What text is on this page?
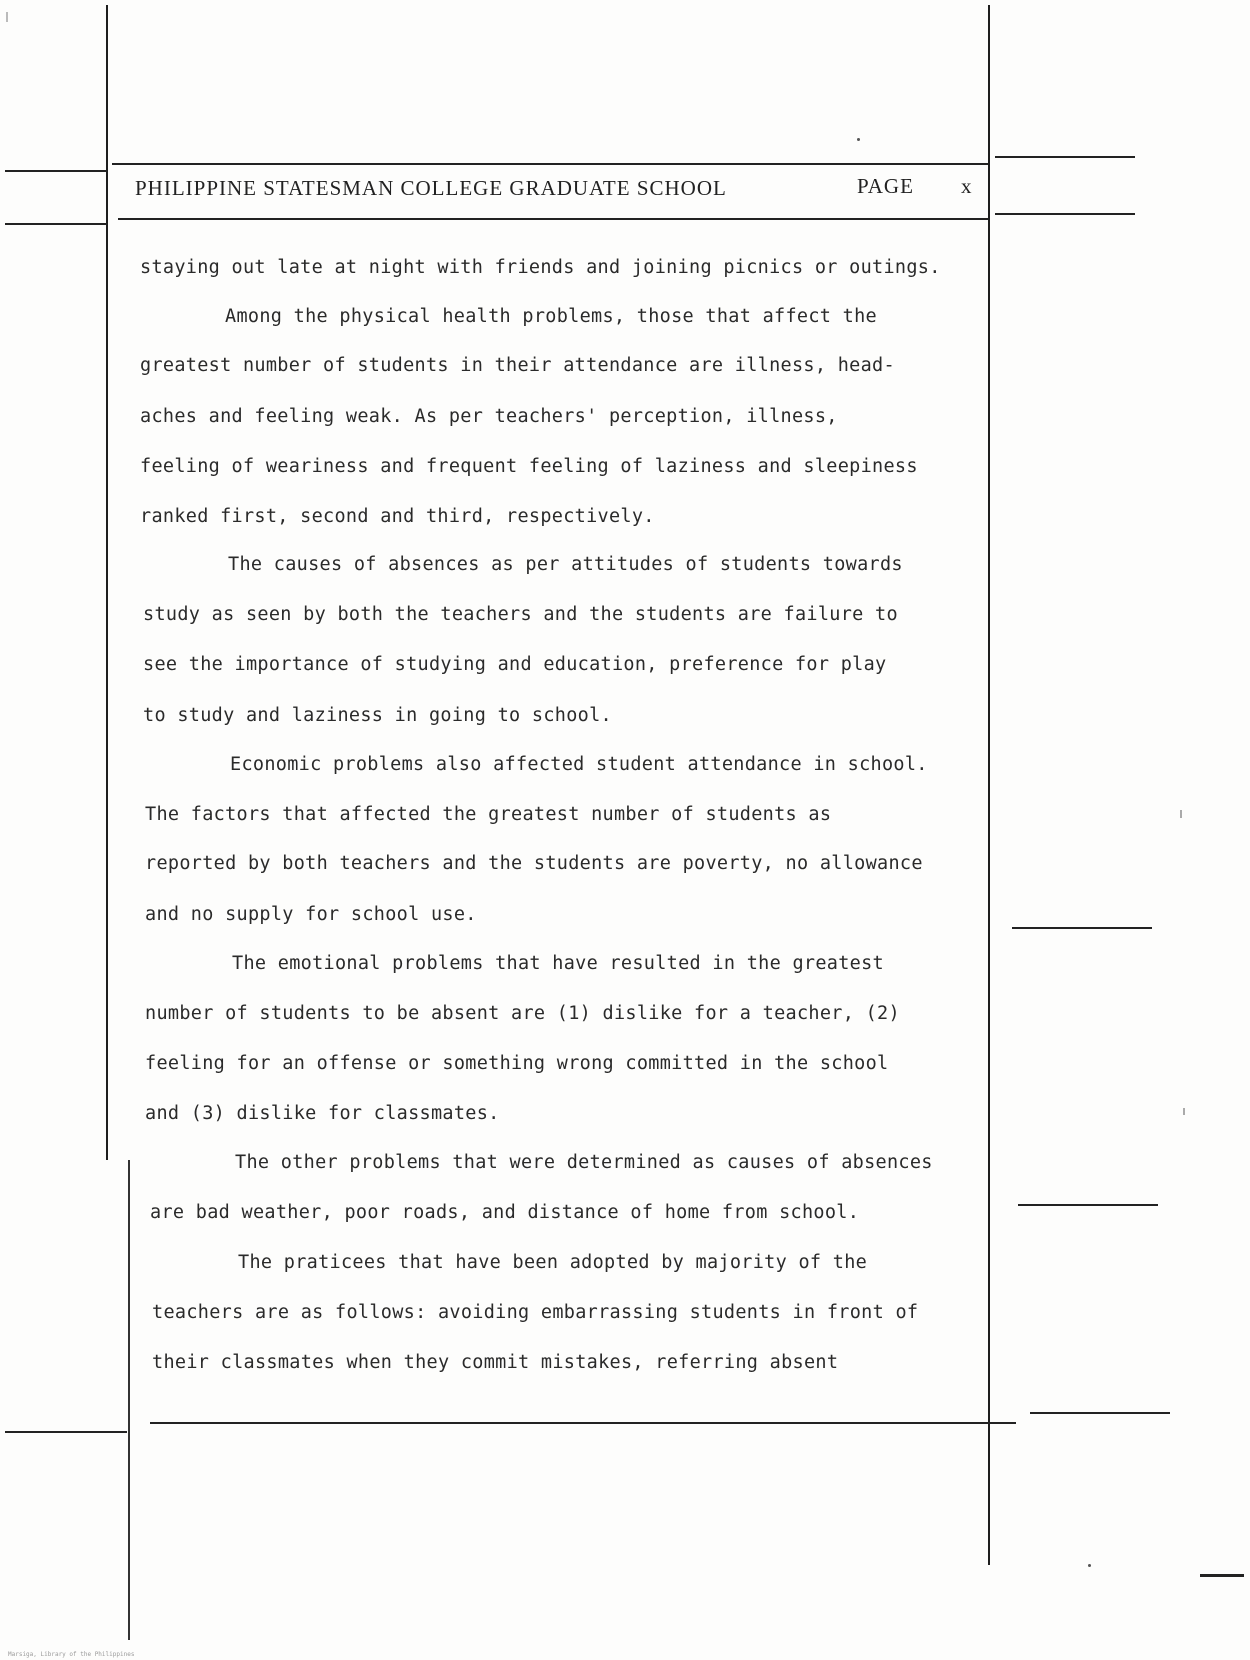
PHILIPPINE STATESMAN COLLEGE GRADUATE SCHOOL	PAGE x
staying out late at night with friends and joining picnics or outings.
Among the physical health problems, those that affect the
greatest number of students in their attendance are illness, head-
aches and feeling weak. As per teachers' perception, illness,
feeling of weariness and frequent feeling of laziness and sleepiness
ranked first, second and third, respectively.
The causes of absences as per attitudes of students towards
study as seen by both the teachers and the students are failure to
see the importance of studying and education, preference for play
to study and laziness in going to school.
Economic problems also affected student attendance in school.
The factors that affected the greatest number of students as
reported by both teachers and the students are poverty, no allowance
and no supply for school use.
The emotional problems that have resulted in the greatest
number of students to be absent are (1) dislike for a teacher, (2)
feeling for an offense or something wrong committed in the school
and (3) dislike for classmates.
The other problems that were determined as causes of absences
are bad weather, poor roads, and distance of home from school.
The praticees that have been adopted by majority of the
teachers are as follows: avoiding embarrassing students in front of
their classmates when they commit mistakes, referring absent
Marsiga, Library of the Philippines
